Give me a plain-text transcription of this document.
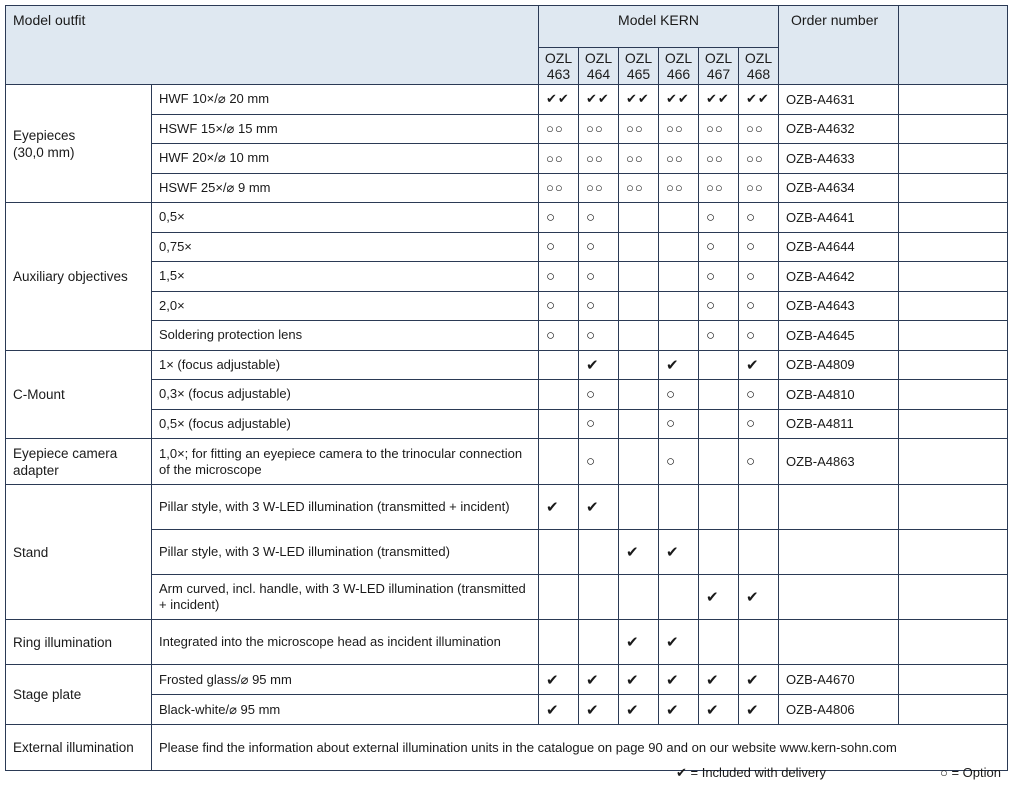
Model outfit		Model KERN						Order number	
		OZL 463	OZL 464	OZL 465	OZL 466	OZL 467	OZL 468		
Eyepieces
(30,0 mm)	HWF 10×/⌀ 20 mm	✔✔	✔✔	✔✔	✔✔	✔✔	✔✔	OZB-A4631	
	HSWF 15×/⌀ 15 mm	○○	○○	○○	○○	○○	○○	OZB-A4632	
	HWF 20×/⌀ 10 mm	○○	○○	○○	○○	○○	○○	OZB-A4633	
	HSWF 25×/⌀ 9 mm	○○	○○	○○	○○	○○	○○	OZB-A4634	
Auxiliary objectives	0,5×	○	○			○	○	OZB-A4641	
	0,75×	○	○			○	○	OZB-A4644	
	1,5×	○	○			○	○	OZB-A4642	
	2,0×	○	○			○	○	OZB-A4643	
	Soldering protection lens	○	○			○	○	OZB-A4645	
C-Mount	1× (focus adjustable)		✔		✔		✔	OZB-A4809	
	0,3× (focus adjustable)		○		○		○	OZB-A4810	
	0,5× (focus adjustable)		○		○		○	OZB-A4811	
Eyepiece camera adapter	1,0×; for fitting an eyepiece camera to the trinocular connection of the microscope		○		○		○	OZB-A4863	
Stand	Pillar style, with 3 W-LED illumination (transmitted + incident)	✔	✔						
	Pillar style, with 3 W-LED illumination (transmitted)			✔	✔				
	Arm curved, incl. handle, with 3 W-LED illumination (transmitted + incident)					✔	✔		
Ring illumination	Integrated into the microscope head as incident illumination			✔	✔				
Stage plate	Frosted glass/⌀ 95 mm	✔	✔	✔	✔	✔	✔	OZB-A4670	
	Black-white/⌀ 95 mm	✔	✔	✔	✔	✔	✔	OZB-A4806	
External illumination	Please find the information about external illumination units in the catalogue on page 90 and on our website www.kern-sohn.com								
✔ = Included with delivery	○ = Option
